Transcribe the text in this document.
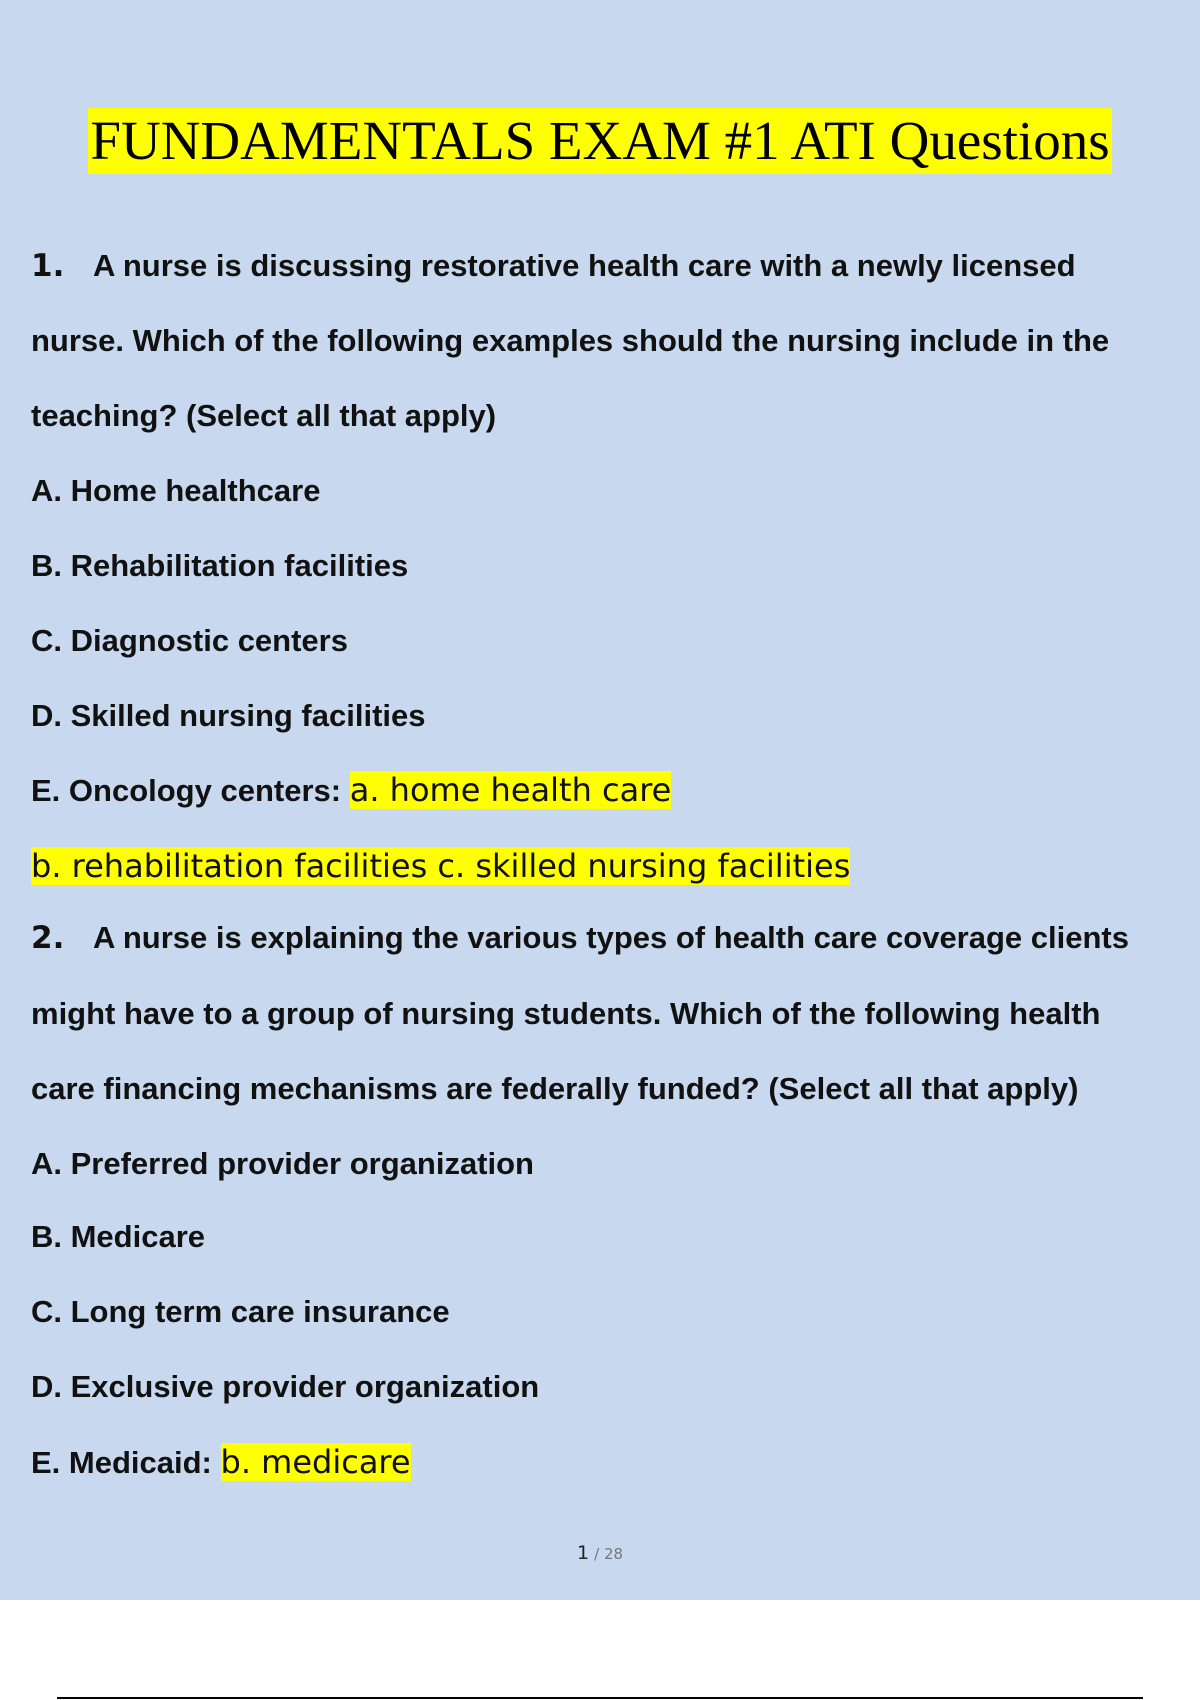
FUNDAMENTALS EXAM #1 ATI Questions
1. A nurse is discussing restorative health care with a newly licensed
nurse. Which of the following examples should the nursing include in the
teaching? (Select all that apply)
A. Home healthcare
B. Rehabilitation facilities
C. Diagnostic centers
D. Skilled nursing facilities
E. Oncology centers: a. home health care
b. rehabilitation facilities c. skilled nursing facilities
2. A nurse is explaining the various types of health care coverage clients
might have to a group of nursing students. Which of the following health
care financing mechanisms are federally funded? (Select all that apply)
A. Preferred provider organization
B. Medicare
C. Long term care insurance
D. Exclusive provider organization
E. Medicaid: b. medicare
1 / 28
